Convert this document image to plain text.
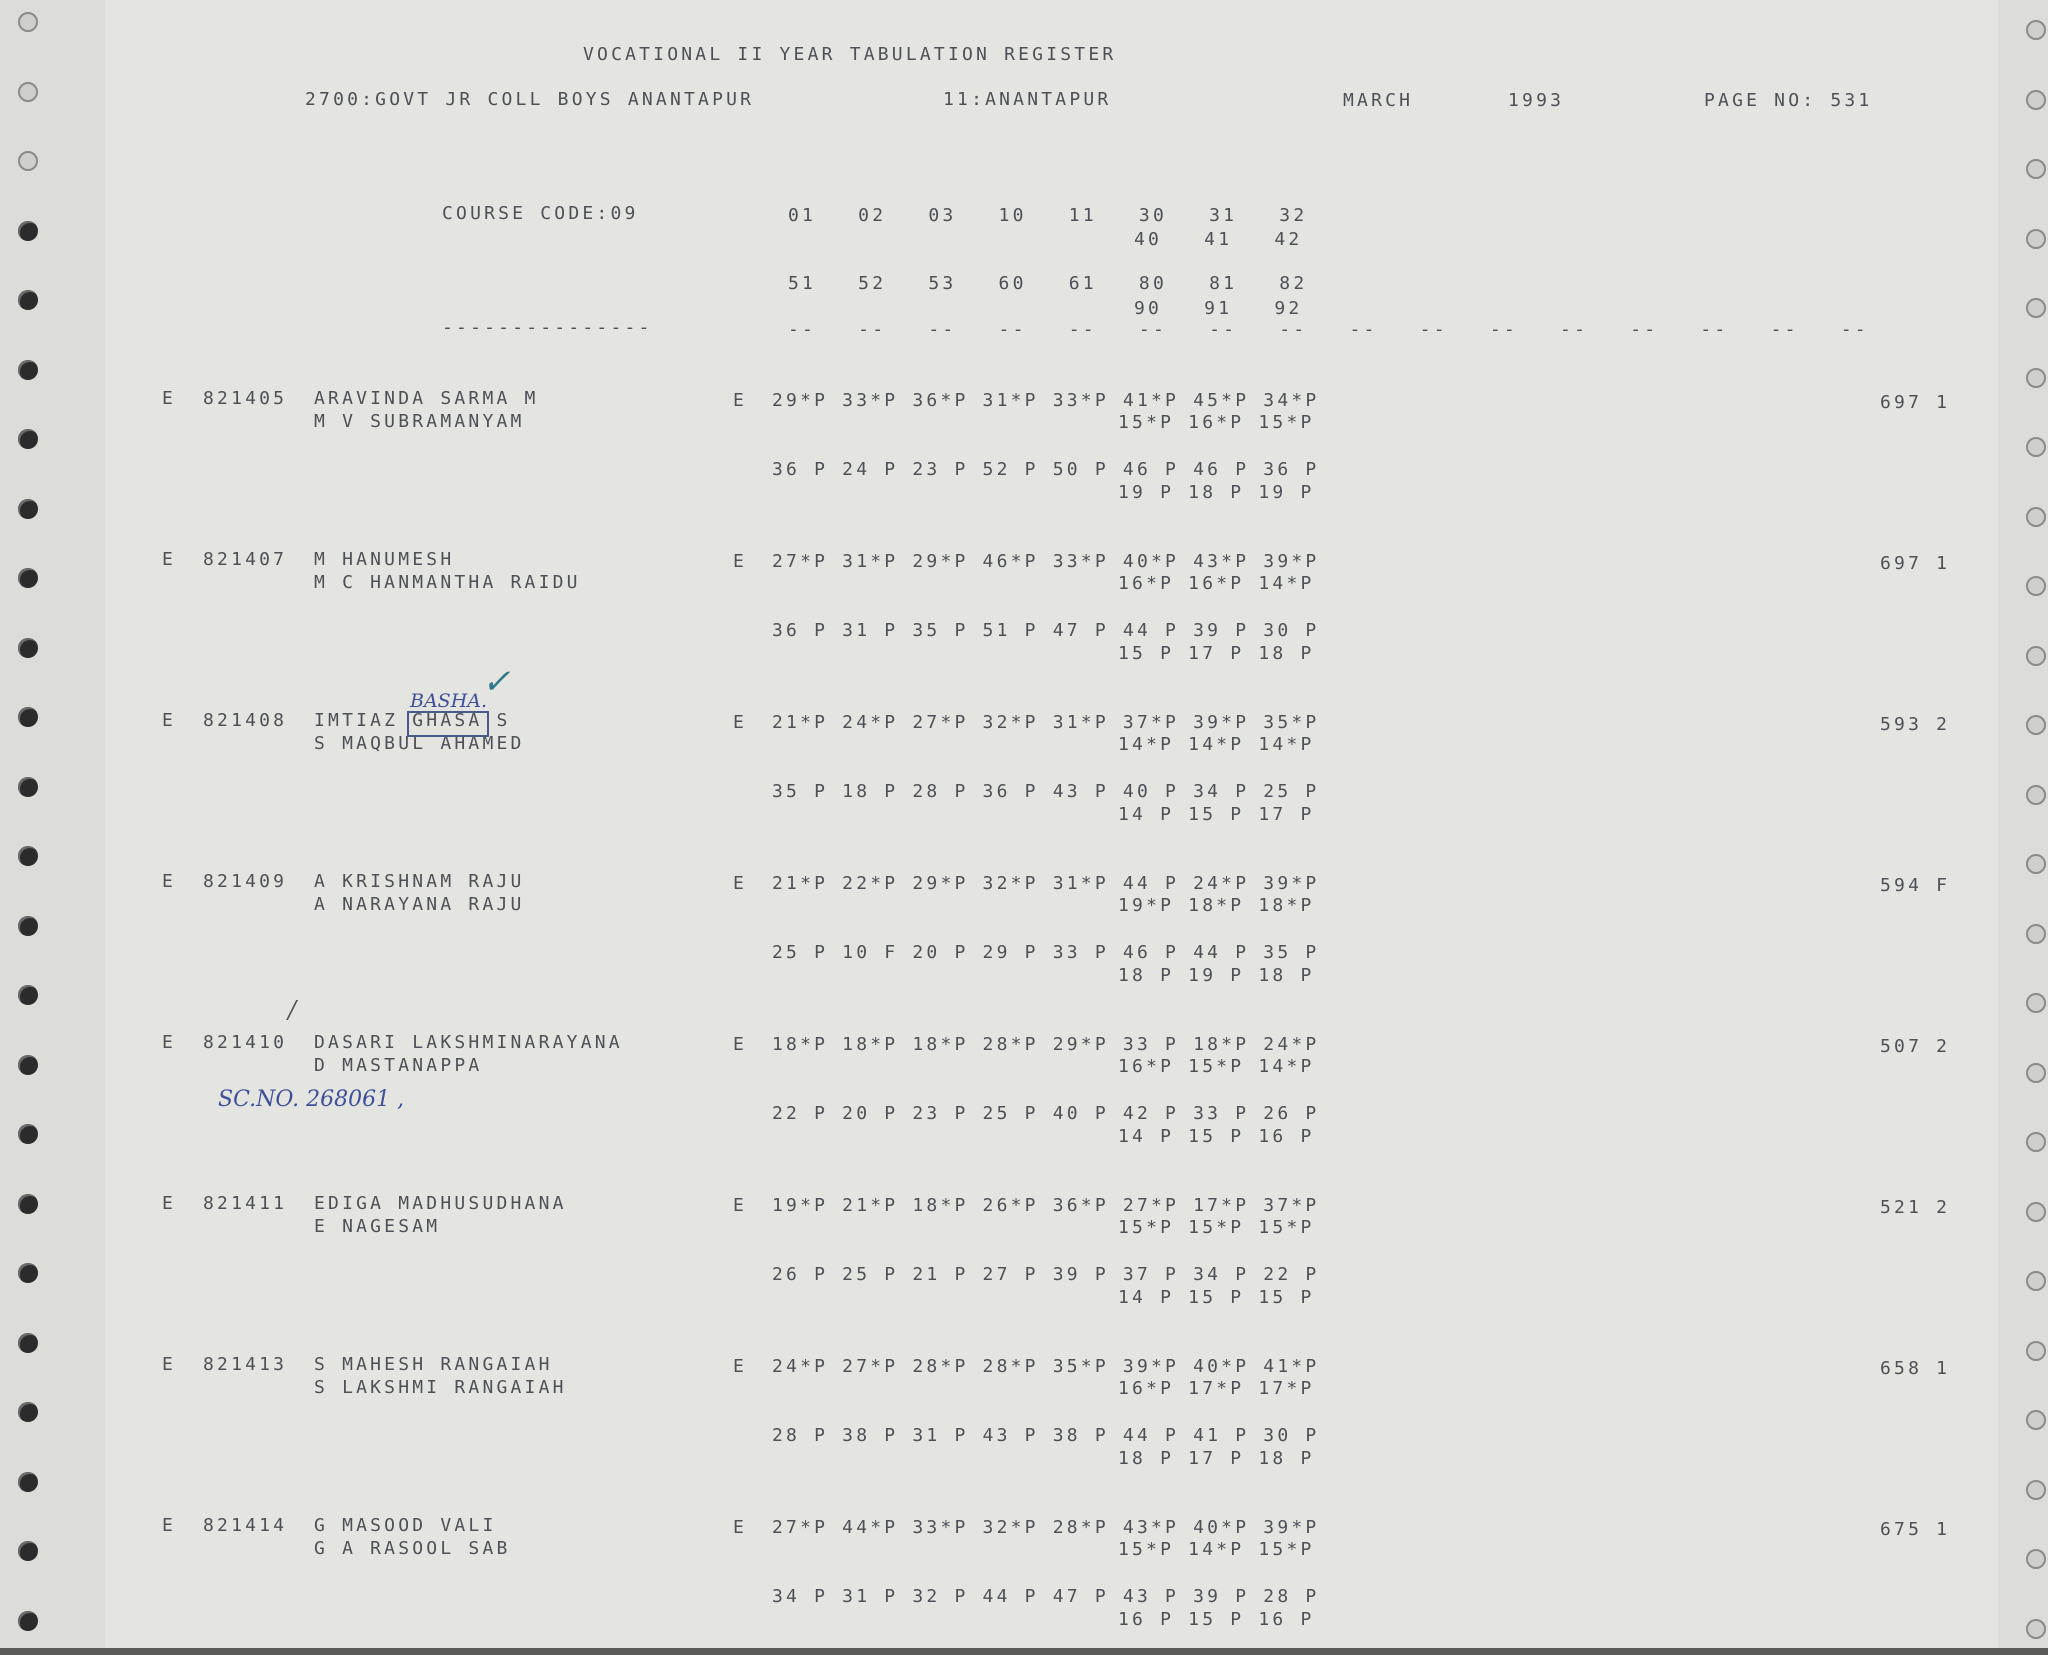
VOCATIONAL II YEAR TABULATION REGISTER
2700:GOVT JR COLL BOYS ANANTAPUR	11:ANANTAPUR	MARCH	1993	PAGE NO: 531
COURSE CODE:09	01   02   03   10   11   30   31   32
40   41   42
51   52   53   60   61   80   81   82
90   91   92
---------------	--   --   --   --   --   --   --   --   --   --   --   --   --   --   --   --
E 821405 ARAVINDA SARMA M
M V SUBRAMANYAM
E 29*P 33*P 36*P 31*P 33*P 41*P 45*P 34*P
15*P 16*P 15*P
36 P 24 P 23 P 52 P 50 P 46 P 46 P 36 P
19 P 18 P 19 P
697 1
E 821407 M HANUMESH
M C HANMANTHA RAIDU
E 27*P 31*P 29*P 46*P 33*P 40*P 43*P 39*P
16*P 16*P 14*P
36 P 31 P 35 P 51 P 47 P 44 P 39 P 30 P
15 P 17 P 18 P
697 1
E 821408 IMTIAZ GHASA S
S MAQBUL AHAMED
E 21*P 24*P 27*P 32*P 31*P 37*P 39*P 35*P
14*P 14*P 14*P
35 P 18 P 28 P 36 P 43 P 40 P 34 P 25 P
14 P 15 P 17 P
593 2
E 821409 A KRISHNAM RAJU
A NARAYANA RAJU
E 21*P 22*P 29*P 32*P 31*P 44 P 24*P 39*P
19*P 18*P 18*P
25 P 10 F 20 P 29 P 33 P 46 P 44 P 35 P
18 P 19 P 18 P
594 F
E 821410 DASARI LAKSHMINARAYANA
D MASTANAPPA
E 18*P 18*P 18*P 28*P 29*P 33 P 18*P 24*P
16*P 15*P 14*P
22 P 20 P 23 P 25 P 40 P 42 P 33 P 26 P
14 P 15 P 16 P
507 2
E 821411 EDIGA MADHUSUDHANA
E NAGESAM
E 19*P 21*P 18*P 26*P 36*P 27*P 17*P 37*P
15*P 15*P 15*P
26 P 25 P 21 P 27 P 39 P 37 P 34 P 22 P
14 P 15 P 15 P
521 2
E 821413 S MAHESH RANGAIAH
S LAKSHMI RANGAIAH
E 24*P 27*P 28*P 28*P 35*P 39*P 40*P 41*P
16*P 17*P 17*P
28 P 38 P 31 P 43 P 38 P 44 P 41 P 30 P
18 P 17 P 18 P
658 1
E 821414 G MASOOD VALI
G A RASOOL SAB
E 27*P 44*P 33*P 32*P 28*P 43*P 40*P 39*P
15*P 14*P 15*P
34 P 31 P 32 P 44 P 47 P 43 P 39 P 28 P
16 P 15 P 16 P
675 1
BASHA.
✓
SC.NO. 268061 ,
/
